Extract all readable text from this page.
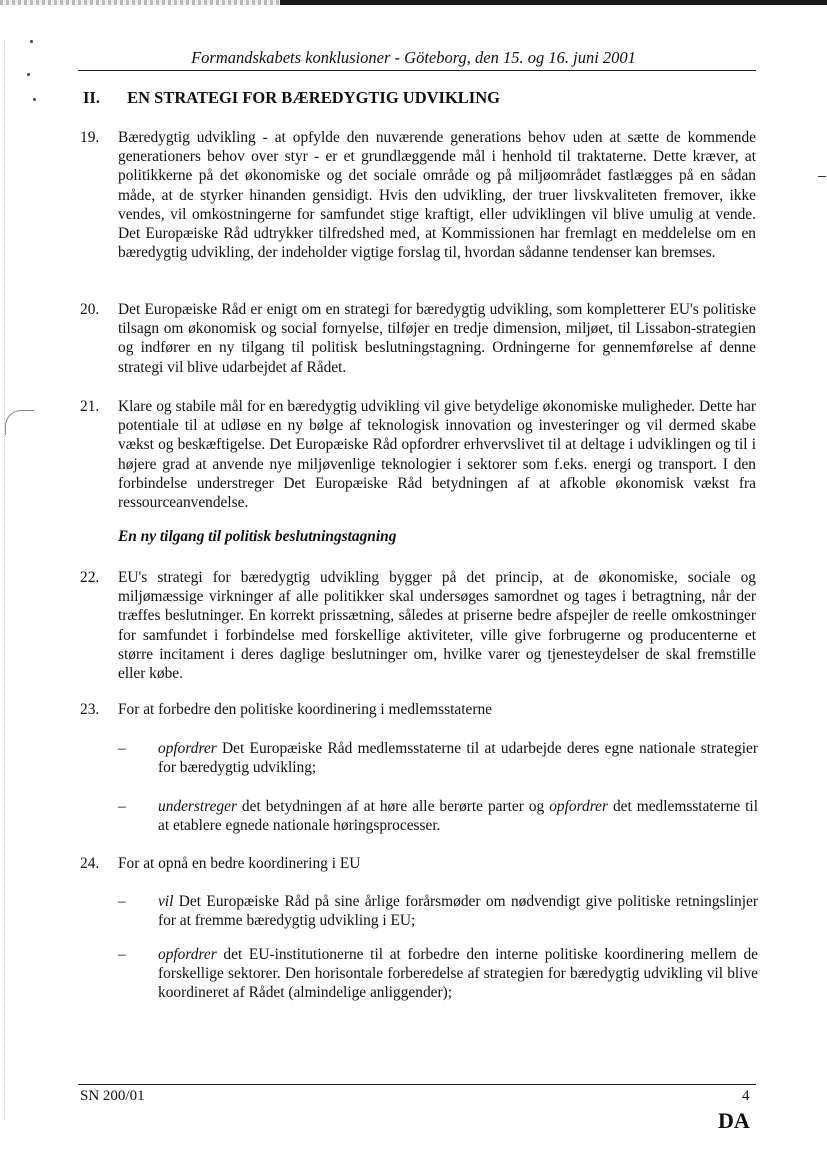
Formandskabets konklusioner - Göteborg, den 15. og 16. juni 2001
II. EN STRATEGI FOR BÆREDYGTIG UDVIKLING
19. Bæredygtig udvikling - at opfylde den nuværende generations behov uden at sætte de kommende generationers behov over styr - er et grundlæggende mål i henhold til traktaterne. Dette kræver, at politikkerne på det økonomiske og det sociale område og på miljøområdet fastlægges på en sådan måde, at de styrker hinanden gensidigt. Hvis den udvikling, der truer livskvaliteten fremover, ikke vendes, vil omkostningerne for samfundet stige kraftigt, eller udviklingen vil blive umulig at vende. Det Europæiske Råd udtrykker tilfredshed med, at Kommissionen har fremlagt en meddelelse om en bæredygtig udvikling, der indeholder vigtige forslag til, hvordan sådanne tendenser kan bremses.
20. Det Europæiske Råd er enigt om en strategi for bæredygtig udvikling, som kompletterer EU's politiske tilsagn om økonomisk og social fornyelse, tilføjer en tredje dimension, miljøet, til Lissabon-strategien og indfører en ny tilgang til politisk beslutningstagning. Ordningerne for gennemførelse af denne strategi vil blive udarbejdet af Rådet.
21. Klare og stabile mål for en bæredygtig udvikling vil give betydelige økonomiske muligheder. Dette har potentiale til at udløse en ny bølge af teknologisk innovation og investeringer og vil dermed skabe vækst og beskæftigelse. Det Europæiske Råd opfordrer erhvervslivet til at deltage i udviklingen og til i højere grad at anvende nye miljøvenlige teknologier i sektorer som f.eks. energi og transport. I den forbindelse understreger Det Europæiske Råd betydningen af at afkoble økonomisk vækst fra ressourceanvendelse.
En ny tilgang til politisk beslutningstagning
22. EU's strategi for bæredygtig udvikling bygger på det princip, at de økonomiske, sociale og miljømæssige virkninger af alle politikker skal undersøges samordnet og tages i betragtning, når der træffes beslutninger. En korrekt prissætning, således at priserne bedre afspejler de reelle omkostninger for samfundet i forbindelse med forskellige aktiviteter, ville give forbrugerne og producenterne et større incitament i deres daglige beslutninger om, hvilke varer og tjenesteydelser de skal fremstille eller købe.
23. For at forbedre den politiske koordinering i medlemsstaterne
– opfordrer Det Europæiske Råd medlemsstaterne til at udarbejde deres egne nationale strategier for bæredygtig udvikling;
– understreger det betydningen af at høre alle berørte parter og opfordrer det medlemsstaterne til at etablere egnede nationale høringsprocesser.
24. For at opnå en bedre koordinering i EU
– vil Det Europæiske Råd på sine årlige forårsmøder om nødvendigt give politiske retningslinjer for at fremme bæredygtig udvikling i EU;
– opfordrer det EU-institutionerne til at forbedre den interne politiske koordinering mellem de forskellige sektorer. Den horisontale forberedelse af strategien for bæredygtig udvikling vil blive koordineret af Rådet (almindelige anliggender);
SN 200/01	4
DA
